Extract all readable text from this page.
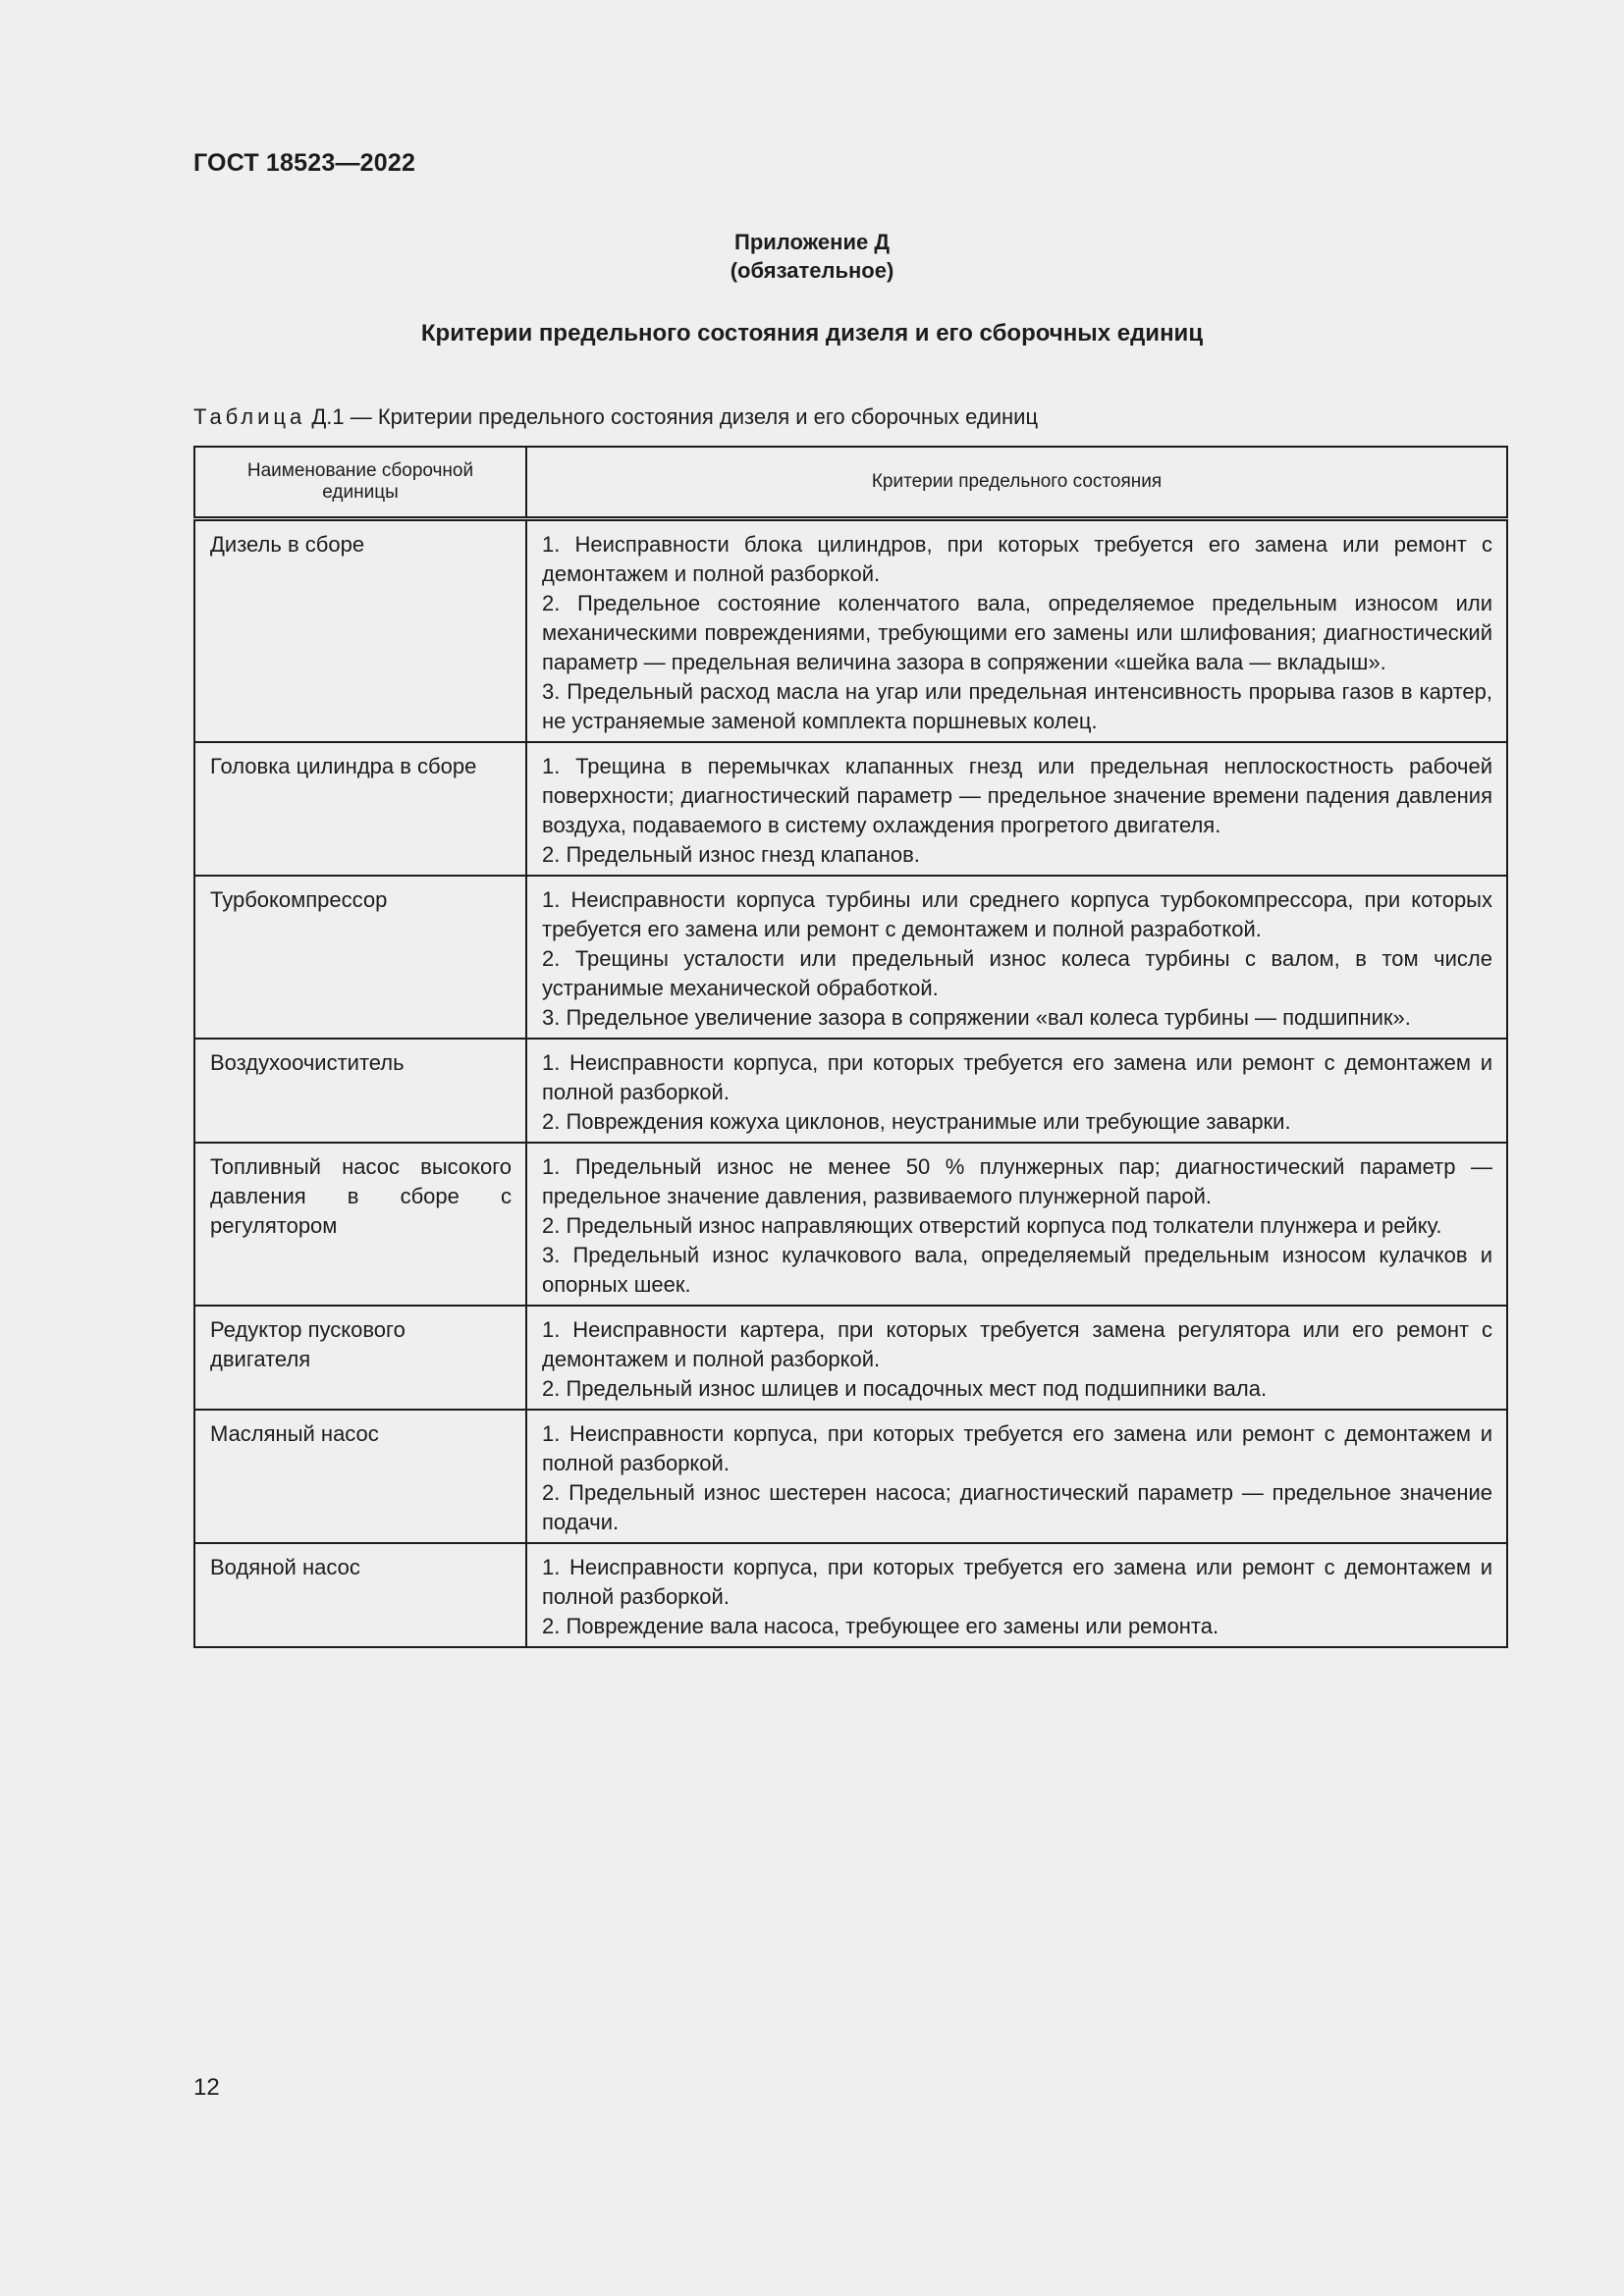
ГОСТ 18523—2022
Приложение Д
(обязательное)
Критерии предельного состояния дизеля и его сборочных единиц
Таблица Д.1 — Критерии предельного состояния дизеля и его сборочных единиц
Наименование сборочной единицы	Критерии предельного состояния
Дизель в сборе	1. Неисправности блока цилиндров, при которых требуется его замена или ремонт с демонтажем и полной разборкой.
2. Предельное состояние коленчатого вала, определяемое предельным износом или механическими повреждениями, требующими его замены или шлифования; диагностический параметр — предельная величина зазора в сопряжении «шейка вала — вкладыш».
3. Предельный расход масла на угар или предельная интенсивность прорыва газов в картер, не устраняемые заменой комплекта поршневых колец.

Головка цилиндра в сборе	1. Трещина в перемычках клапанных гнезд или предельная неплоскостность рабочей поверхности; диагностический параметр — предельное значение времени падения давления воздуха, подаваемого в систему охлаждения прогретого двигателя.
2. Предельный износ гнезд клапанов.

Турбокомпрессор	1. Неисправности корпуса турбины или среднего корпуса турбокомпрессора, при которых требуется его замена или ремонт с демонтажем и полной разработкой.
2. Трещины усталости или предельный износ колеса турбины с валом, в том числе устранимые механической обработкой.
3. Предельное увеличение зазора в сопряжении «вал колеса турбины — подшипник».

Воздухоочиститель	1. Неисправности корпуса, при которых требуется его замена или ремонт с демонтажем и полной разборкой.
2. Повреждения кожуха циклонов, неустранимые или требующие заварки.

Топливный насос высокого давления в сборе с регулятором	1. Предельный износ не менее 50 % плунжерных пар; диагностический параметр — предельное значение давления, развиваемого плунжерной парой.
2. Предельный износ направляющих отверстий корпуса под толкатели плунжера и рейку.
3. Предельный износ кулачкового вала, определяемый предельным износом кулачков и опорных шеек.

Редуктор пускового двигателя	1. Неисправности картера, при которых требуется замена регулятора или его ремонт с демонтажем и полной разборкой.
2. Предельный износ шлицев и посадочных мест под подшипники вала.

Масляный насос	1. Неисправности корпуса, при которых требуется его замена или ремонт с демонтажем и полной разборкой.
2. Предельный износ шестерен насоса; диагностический параметр — предельное значение подачи.

Водяной насос	1. Неисправности корпуса, при которых требуется его замена или ремонт с демонтажем и полной разборкой.
2. Повреждение вала насоса, требующее его замены или ремонта.
12
